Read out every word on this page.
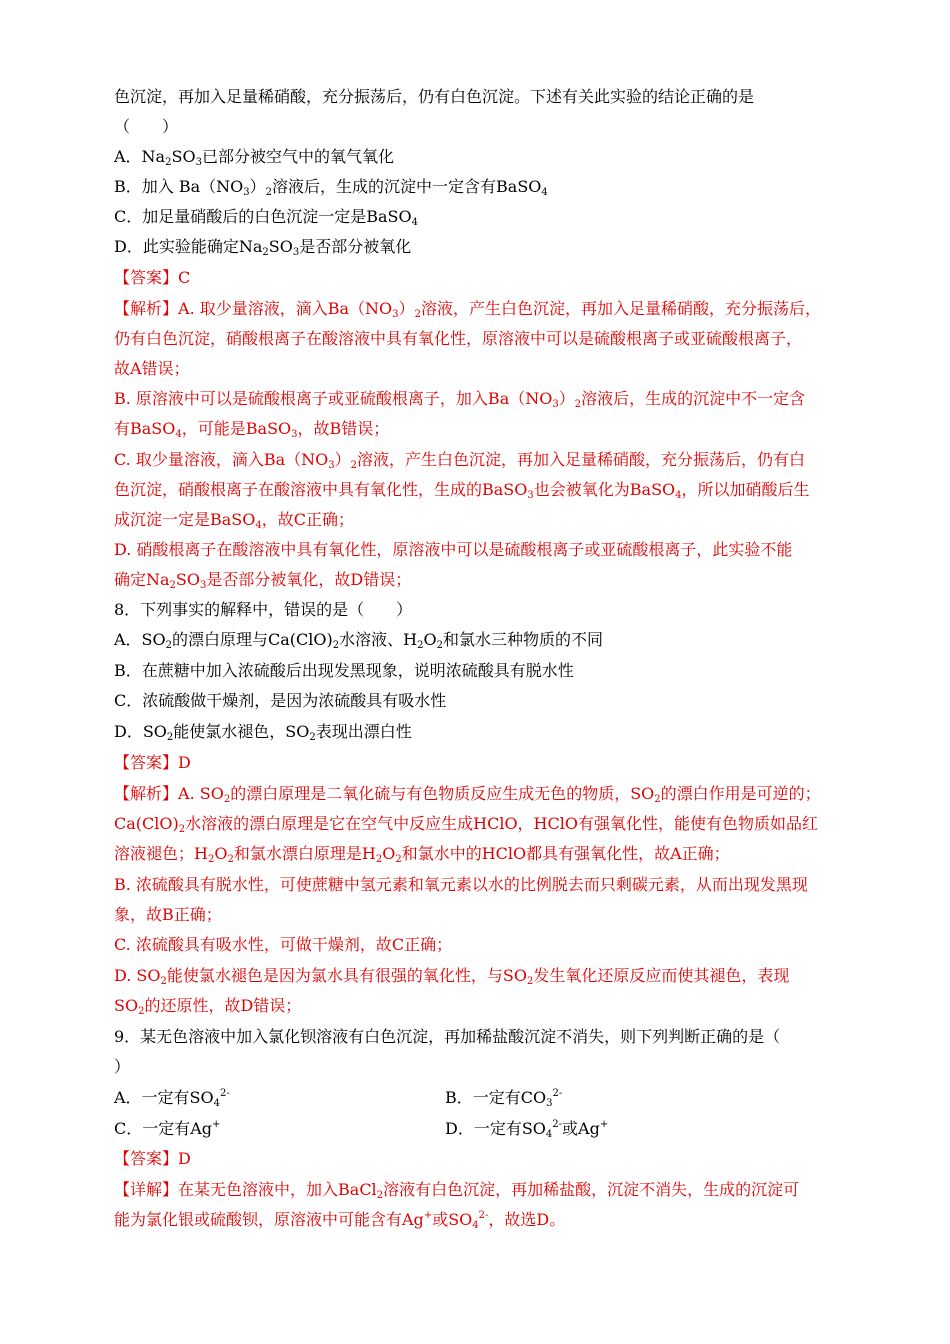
色沉淀，再加入足量稀硝酸，充分振荡后，仍有白色沉淀。下述有关此实验的结论正确的是
（　　）
A．$Na_2SO_3$已部分被空气中的氧气氧化
B．加入 $Ba(NO_3)_2$溶液后，生成的沉淀中一定含有BaSO$_4$
C．加足量硝酸后的白色沉淀一定是BaSO$_4$
D．此实验能确定$Na_2SO_3$是否部分被氧化
【答案】C
【解析】A. 取少量溶液，滴入$Ba(NO_3)_2$溶液，产生白色沉淀，再加入足量稀硝酸，充分振荡后，
仍有白色沉淀，硝酸根离子在酸溶液中具有氧化性，原溶液中可以是硫酸根离子或亚硫酸根离子，
故A错误；
B. 原溶液中可以是硫酸根离子或亚硫酸根离子，加入$Ba(NO_3)_2$溶液后，生成的沉淀中不一定含
有BaSO$_4$，可能是BaSO$_3$，故B错误；
C. 取少量溶液，滴入$Ba(NO_3)_2$溶液，产生白色沉淀，再加入足量稀硝酸，充分振荡后，仍有白
色沉淀，硝酸根离子在酸溶液中具有氧化性，生成的BaSO$_3$也会被氧化为BaSO$_4$，所以加硝酸后生
成沉淀一定是BaSO$_4$，故C正确；
D. 硝酸根离子在酸溶液中具有氧化性，原溶液中可以是硫酸根离子或亚硫酸根离子，此实验不能
确定$Na_2SO_3$是否部分被氧化，故D错误；
8．下列事实的解释中，错误的是（　　）
A．$SO_2$的漂白原理与$Ca(ClO)_2$水溶液、$H_2O_2$和氯水三种物质的不同
B．在蔗糖中加入浓硫酸后出现发黑现象，说明浓硫酸具有脱水性
C．浓硫酸做干燥剂，是因为浓硫酸具有吸水性
D．$SO_2$能使氯水褪色，$SO_2$表现出漂白性
【答案】D
【解析】A. $SO_2$的漂白原理是二氧化硫与有色物质反应生成无色的物质，$SO_2$的漂白作用是可逆的；
$Ca(ClO)_2$水溶液的漂白原理是它在空气中反应生成HClO，HClO有强氧化性，能使有色物质如品红
溶液褪色；$H_2O_2$和氯水漂白原理是$H_2O_2$和氯水中的HClO都具有强氧化性，故A正确；
B. 浓硫酸具有脱水性，可使蔗糖中氢元素和氧元素以水的比例脱去而只剩碳元素，从而出现发黑现
象，故B正确；
C. 浓硫酸具有吸水性，可做干燥剂，故C正确；
D. $SO_2$能使氯水褪色是因为氯水具有很强的氧化性，与$SO_2$发生氧化还原反应而使其褪色，表现
$SO_2$的还原性，故D错误；
9．某无色溶液中加入氯化钡溶液有白色沉淀，再加稀盐酸沉淀不消失，则下列判断正确的是（
）
A．一定有$SO_4^{2-}$	B．一定有$CO_3^{2-}$
C．一定有Ag+	D．一定有$SO_4^{2-}$或Ag+
【答案】D
【详解】在某无色溶液中，加入BaCl$_2$溶液有白色沉淀，再加稀盐酸，沉淀不消失，生成的沉淀可
能为氯化银或硫酸钡，原溶液中可能含有Ag+或$SO_4^{2-}$，故选D。
